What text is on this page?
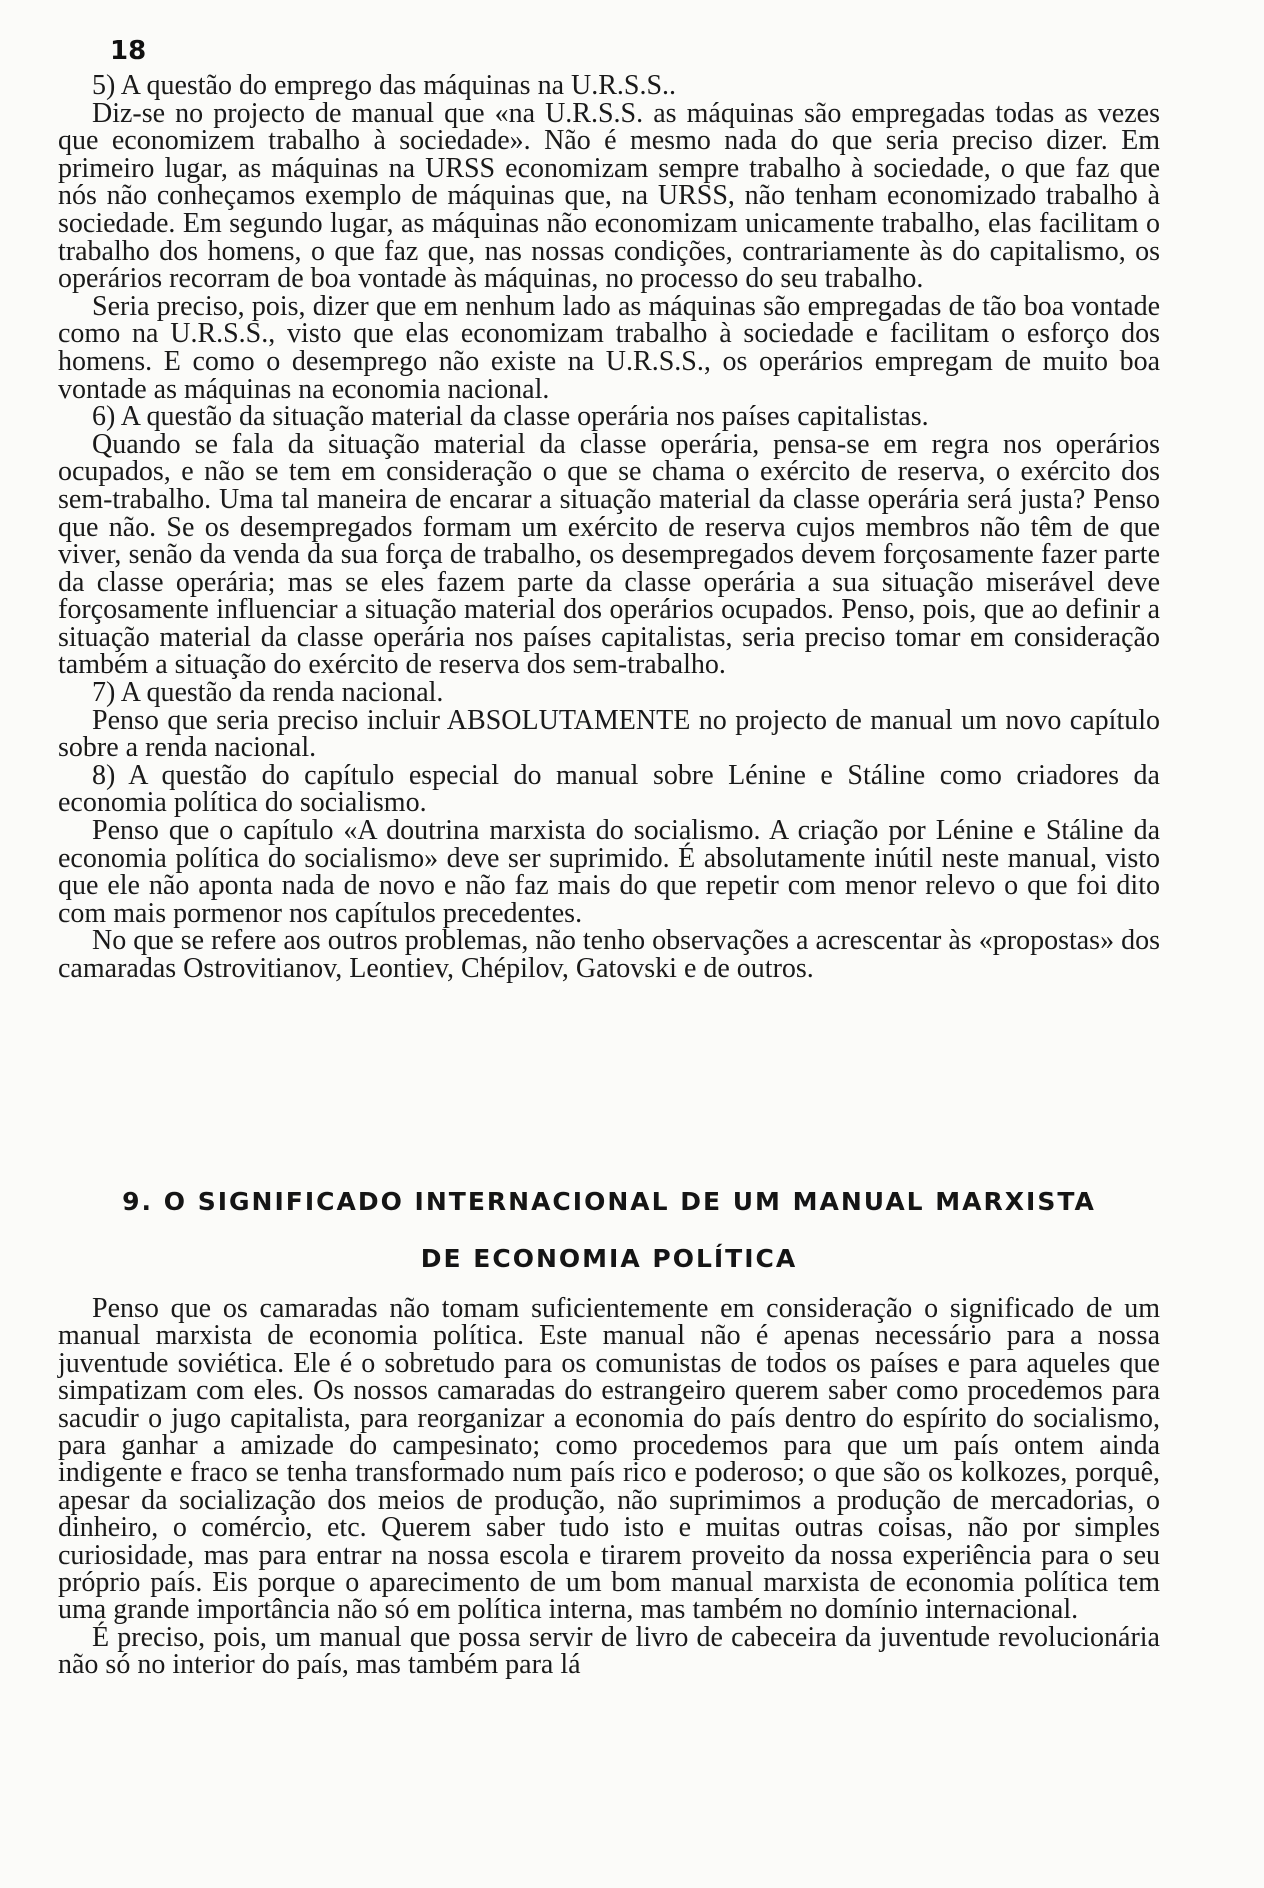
18

5) A questão do emprego das máquinas na U.R.S.S..

Diz-se no projecto de manual que «na U.R.S.S. as máquinas são empregadas todas as vezes que economizem trabalho à sociedade». Não é mesmo nada do que seria preciso dizer. Em primeiro lugar, as máquinas na URSS economizam sempre trabalho à sociedade, o que faz que nós não conheçamos exemplo de máquinas que, na URSS, não tenham economizado trabalho à sociedade. Em segundo lugar, as máquinas não economizam unicamente trabalho, elas facilitam o trabalho dos homens, o que faz que, nas nossas condições, contrariamente às do capitalismo, os operários recorram de boa vontade às máquinas, no processo do seu trabalho.

Seria preciso, pois, dizer que em nenhum lado as máquinas são empregadas de tão boa vontade como na U.R.S.S., visto que elas economizam trabalho à sociedade e facilitam o esforço dos homens. E como o desemprego não existe na U.R.S.S., os operários empregam de muito boa vontade as máquinas na economia nacional.

6) A questão da situação material da classe operária nos países capitalistas.

Quando se fala da situação material da classe operária, pensa-se em regra nos operários ocupados, e não se tem em consideração o que se chama o exército de reserva, o exército dos sem-trabalho. Uma tal maneira de encarar a situação material da classe operária será justa? Penso que não. Se os desempregados formam um exército de reserva cujos membros não têm de que viver, senão da venda da sua força de trabalho, os desempregados devem forçosamente fazer parte da classe operária; mas se eles fazem parte da classe operária a sua situação miserável deve forçosamente influenciar a situação material dos operários ocupados. Penso, pois, que ao definir a situação material da classe operária nos países capitalistas, seria preciso tomar em consideração também a situação do exército de reserva dos sem-trabalho.

7) A questão da renda nacional.

Penso que seria preciso incluir ABSOLUTAMENTE no projecto de manual um novo capítulo sobre a renda nacional.

8) A questão do capítulo especial do manual sobre Lénine e Stáline como criadores da economia política do socialismo.

Penso que o capítulo «A doutrina marxista do socialismo. A criação por Lénine e Stáline da economia política do socialismo» deve ser suprimido. É absolutamente inútil neste manual, visto que ele não aponta nada de novo e não faz mais do que repetir com menor relevo o que foi dito com mais pormenor nos capítulos precedentes.

No que se refere aos outros problemas, não tenho observações a acrescentar às «propostas» dos camaradas Ostrovitianov, Leontiev, Chépilov, Gatovski e de outros.

9. O SIGNIFICADO INTERNACIONAL DE UM MANUAL MARXISTA
DE ECONOMIA POLÍTICA

Penso que os camaradas não tomam suficientemente em consideração o significado de um manual marxista de economia política. Este manual não é apenas necessário para a nossa juventude soviética. Ele é o sobretudo para os comunistas de todos os países e para aqueles que simpatizam com eles. Os nossos camaradas do estrangeiro querem saber como procedemos para sacudir o jugo capitalista, para reorganizar a economia do país dentro do espírito do socialismo, para ganhar a amizade do campesinato; como procedemos para que um país ontem ainda indigente e fraco se tenha transformado num país rico e poderoso; o que são os kolkozes, porquê, apesar da socialização dos meios de produção, não suprimimos a produção de mercadorias, o dinheiro, o comércio, etc. Querem saber tudo isto e muitas outras coisas, não por simples curiosidade, mas para entrar na nossa escola e tirarem proveito da nossa experiência para o seu próprio país. Eis porque o aparecimento de um bom manual marxista de economia política tem uma grande importância não só em política interna, mas também no domínio internacional.

É preciso, pois, um manual que possa servir de livro de cabeceira da juventude revolucionária não só no interior do país, mas também para lá
